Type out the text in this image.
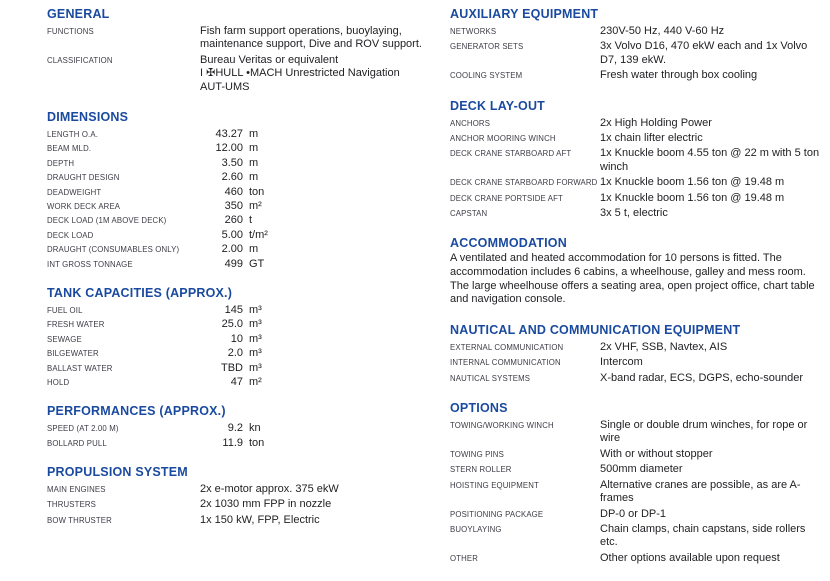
GENERAL
FUNCTIONS	Fish farm support operations, buoylaying, maintenance support, Dive and ROV support.
CLASSIFICATION	Bureau Veritas or equivalent
I ✠HULL •MACH Unrestricted Navigation
AUT-UMS
DIMENSIONS
LENGTH O.A.	43.27 m
BEAM MLD.	12.00 m
DEPTH	3.50 m
DRAUGHT DESIGN	2.60 m
DEADWEIGHT	460 ton
WORK DECK AREA	350 m²
DECK LOAD (1M ABOVE DECK)	260 t
DECK LOAD	5.00 t/m²
DRAUGHT (CONSUMABLES ONLY)	2.00 m
INT GROSS TONNAGE	499 GT
TANK CAPACITIES (APPROX.)
FUEL OIL	145 m³
FRESH WATER	25.0 m³
SEWAGE	10 m³
BILGEWATER	2.0 m³
BALLAST WATER	TBD m³
HOLD	47 m²
PERFORMANCES (APPROX.)
SPEED (AT 2.00 M)	9.2 kn
BOLLARD PULL	11.9 ton
PROPULSION SYSTEM
MAIN ENGINES	2x e-motor approx. 375 ekW
THRUSTERS	2x 1030 mm FPP in nozzle
BOW THRUSTER	1x 150 kW, FPP, Electric
AUXILIARY EQUIPMENT
NETWORKS	230V-50 Hz, 440 V-60 Hz
GENERATOR SETS	3x Volvo D16, 470 ekW each and 1x Volvo D7, 139 ekW.
COOLING SYSTEM	Fresh water through box cooling
DECK LAY-OUT
ANCHORS	2x High Holding Power
ANCHOR MOORING WINCH	1x chain lifter electric
DECK CRANE STARBOARD AFT	1x Knuckle boom 4.55 ton @ 22 m with 5 ton winch
DECK CRANE STARBOARD FORWARD 1x Knuckle boom 1.56 ton @ 19.48 m
DECK CRANE PORTSIDE AFT	1x Knuckle boom 1.56 ton @ 19.48 m
CAPSTAN	3x 5 t, electric
ACCOMMODATION
A ventilated and heated accommodation for 10 persons is fitted. The accommodation includes 6 cabins, a wheelhouse, galley and mess room. The large wheelhouse offers a seating area, open project office, chart table and navigation console.
NAUTICAL AND COMMUNICATION EQUIPMENT
EXTERNAL COMMUNICATION	2x VHF, SSB, Navtex, AIS
INTERNAL COMMUNICATION	Intercom
NAUTICAL SYSTEMS	X-band radar, ECS, DGPS, echo-sounder
OPTIONS
TOWING/WORKING WINCH	Single or double drum winches, for rope or wire
TOWING PINS	With or without stopper
STERN ROLLER	500mm diameter
HOISTING EQUIPMENT	Alternative cranes are possible, as are A-frames
POSITIONING PACKAGE	DP-0 or DP-1
BUOYLAYING	Chain clamps, chain capstans, side rollers etc.
OTHER	Other options available upon request
